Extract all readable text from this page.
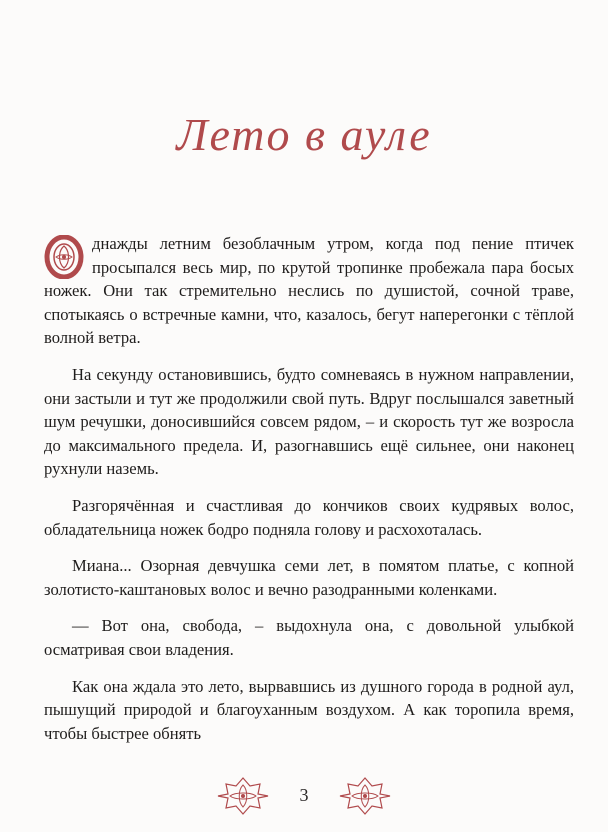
Лето в ауле

днажды летним безоблачным утром, когда под пение птичек просыпался весь мир, по крутой тропинке пробежала пара босых ножек. Они так стремительно неслись по душистой, сочной траве, спотыкаясь о встречные камни, что, казалось, бегут наперегонки с тёплой волной ветра.

На секунду остановившись, будто сомневаясь в нужном направлении, они застыли и тут же продолжили свой путь. Вдруг послышался заветный шум речушки, доносившийся совсем рядом, – и скорость тут же возросла до максимального предела. И, разогнавшись ещё сильнее, они наконец рухнули наземь.

Разгорячённая и счастливая до кончиков своих кудрявых волос, обладательница ножек бодро подняла голову и расхохоталась.

Миана... Озорная девчушка семи лет, в помятом платье, с копной золотисто-каштановых волос и вечно разодранными коленками.

— Вот она, свобода, – выдохнула она, с довольной улыбкой осматривая свои владения.

Как она ждала это лето, вырвавшись из душного города в родной аул, пышущий природой и благоуханным воздухом. А как торопила время, чтобы быстрее обнять

3
